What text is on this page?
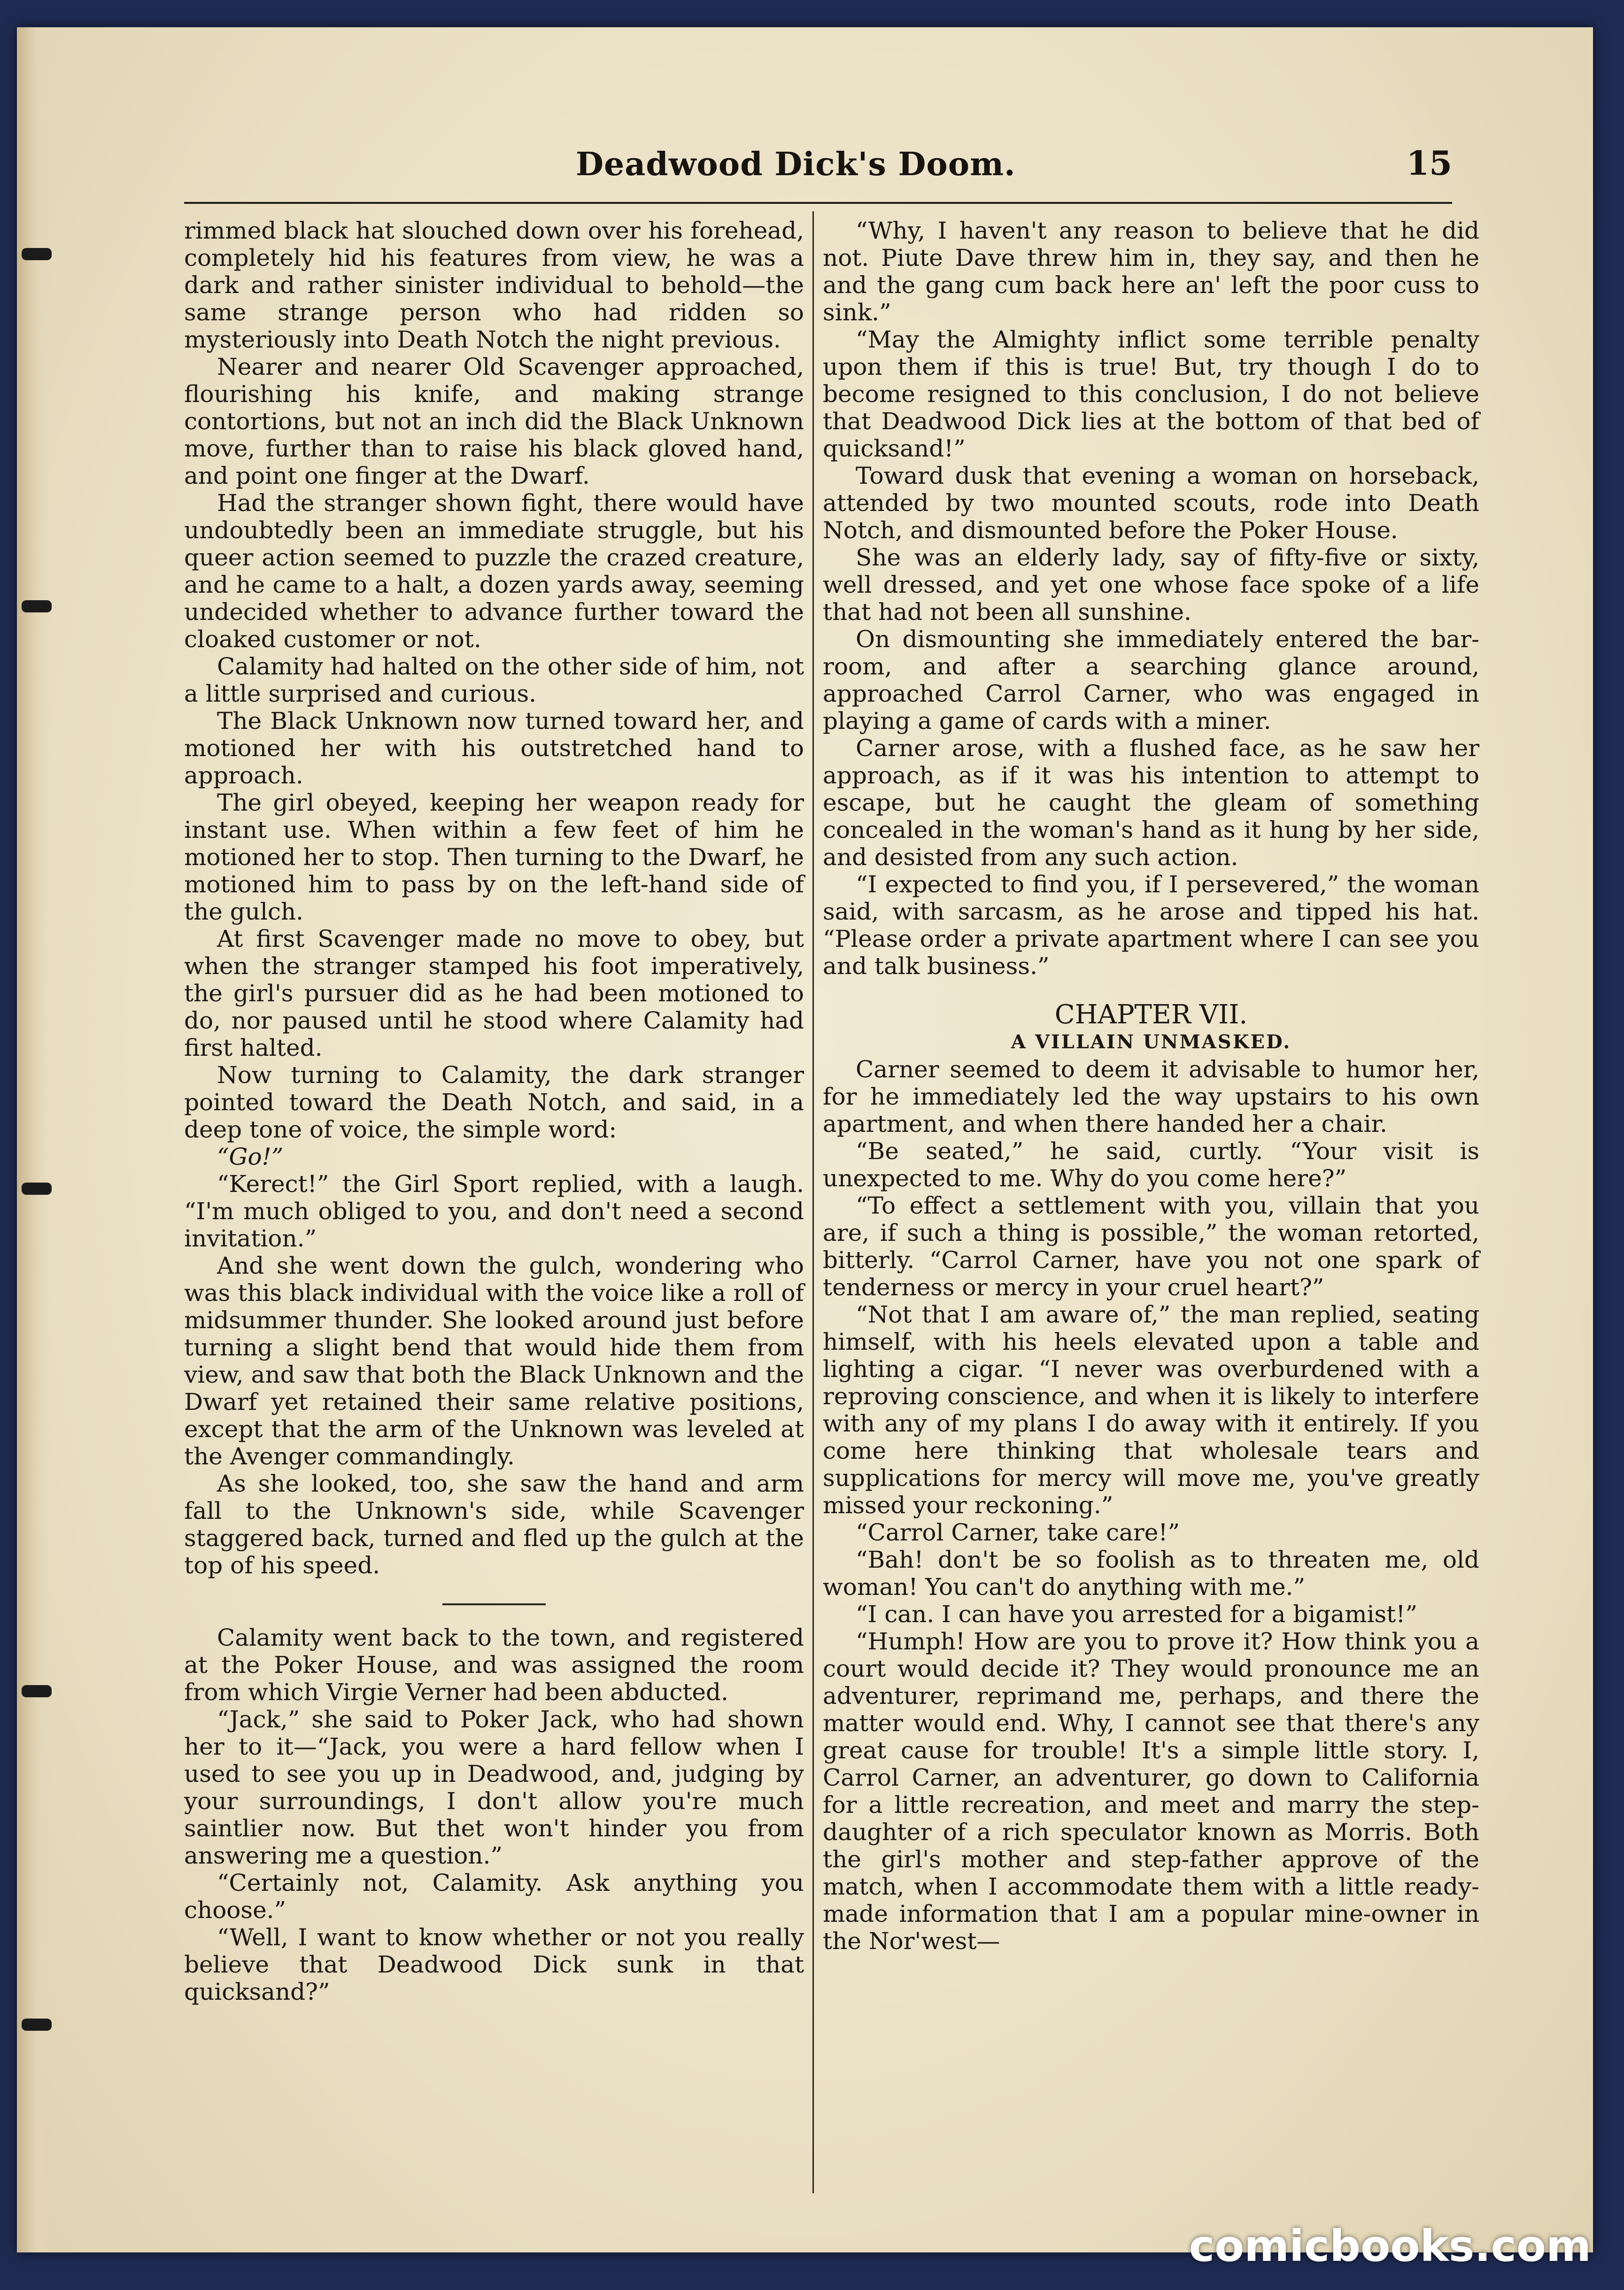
Deadwood Dick's Doom.	15

rimmed black hat slouched down over his forehead, completely hid his features from view, he was a dark and rather sinister individual to behold—the same strange person who had ridden so mysteriously into Death Notch the night previous.

Nearer and nearer Old Scavenger approached, flourishing his knife, and making strange contortions, but not an inch did the Black Unknown move, further than to raise his black gloved hand, and point one finger at the Dwarf.

Had the stranger shown fight, there would have undoubtedly been an immediate struggle, but his queer action seemed to puzzle the crazed creature, and he came to a halt, a dozen yards away, seeming undecided whether to advance further toward the cloaked customer or not.

Calamity had halted on the other side of him, not a little surprised and curious.

The Black Unknown now turned toward her, and motioned her with his outstretched hand to approach.

The girl obeyed, keeping her weapon ready for instant use. When within a few feet of him he motioned her to stop. Then turning to the Dwarf, he motioned him to pass by on the left-hand side of the gulch.

At first Scavenger made no move to obey, but when the stranger stamped his foot imperatively, the girl's pursuer did as he had been motioned to do, nor paused until he stood where Calamity had first halted.

Now turning to Calamity, the dark stranger pointed toward the Death Notch, and said, in a deep tone of voice, the simple word:

“Go!”

“Kerect!” the Girl Sport replied, with a laugh. “I'm much obliged to you, and don't need a second invitation.”

And she went down the gulch, wondering who was this black individual with the voice like a roll of midsummer thunder. She looked around just before turning a slight bend that would hide them from view, and saw that both the Black Unknown and the Dwarf yet retained their same relative positions, except that the arm of the Unknown was leveled at the Avenger commandingly.

As she looked, too, she saw the hand and arm fall to the Unknown's side, while Scavenger staggered back, turned and fled up the gulch at the top of his speed.

Calamity went back to the town, and registered at the Poker House, and was assigned the room from which Virgie Verner had been abducted.

“Jack,” she said to Poker Jack, who had shown her to it—“Jack, you were a hard fellow when I used to see you up in Deadwood, and, judging by your surroundings, I don't allow you're much saintlier now. But thet won't hinder you from answering me a question.”

“Certainly not, Calamity. Ask anything you choose.”

“Well, I want to know whether or not you really believe that Deadwood Dick sunk in that quicksand?”

“Why, I haven't any reason to believe that he did not. Piute Dave threw him in, they say, and then he and the gang cum back here an' left the poor cuss to sink.”

“May the Almighty inflict some terrible penalty upon them if this is true! But, try though I do to become resigned to this conclusion, I do not believe that Deadwood Dick lies at the bottom of that bed of quicksand!”

Toward dusk that evening a woman on horseback, attended by two mounted scouts, rode into Death Notch, and dismounted before the Poker House.

She was an elderly lady, say of fifty-five or sixty, well dressed, and yet one whose face spoke of a life that had not been all sunshine.

On dismounting she immediately entered the bar-room, and after a searching glance around, approached Carrol Carner, who was engaged in playing a game of cards with a miner.

Carner arose, with a flushed face, as he saw her approach, as if it was his intention to attempt to escape, but he caught the gleam of something concealed in the woman's hand as it hung by her side, and desisted from any such action.

“I expected to find you, if I persevered,” the woman said, with sarcasm, as he arose and tipped his hat. “Please order a private apartment where I can see you and talk business.”

CHAPTER VII.

A VILLAIN UNMASKED.

Carner seemed to deem it advisable to humor her, for he immediately led the way upstairs to his own apartment, and when there handed her a chair.

“Be seated,” he said, curtly. “Your visit is unexpected to me. Why do you come here?”

“To effect a settlement with you, villain that you are, if such a thing is possible,” the woman retorted, bitterly. “Carrol Carner, have you not one spark of tenderness or mercy in your cruel heart?”

“Not that I am aware of,” the man replied, seating himself, with his heels elevated upon a table and lighting a cigar. “I never was overburdened with a reproving conscience, and when it is likely to interfere with any of my plans I do away with it entirely. If you come here thinking that wholesale tears and supplications for mercy will move me, you've greatly missed your reckoning.”

“Carrol Carner, take care!”

“Bah! don't be so foolish as to threaten me, old woman! You can't do anything with me.”

“I can. I can have you arrested for a bigamist!”

“Humph! How are you to prove it? How think you a court would decide it? They would pronounce me an adventurer, reprimand me, perhaps, and there the matter would end. Why, I cannot see that there's any great cause for trouble! It's a simple little story. I, Carrol Carner, an adventurer, go down to California for a little recreation, and meet and marry the step-daughter of a rich speculator known as Morris. Both the girl's mother and step-father approve of the match, when I accommodate them with a little ready-made information that I am a popular mine-owner in the Nor'west—

comicbooks.com
